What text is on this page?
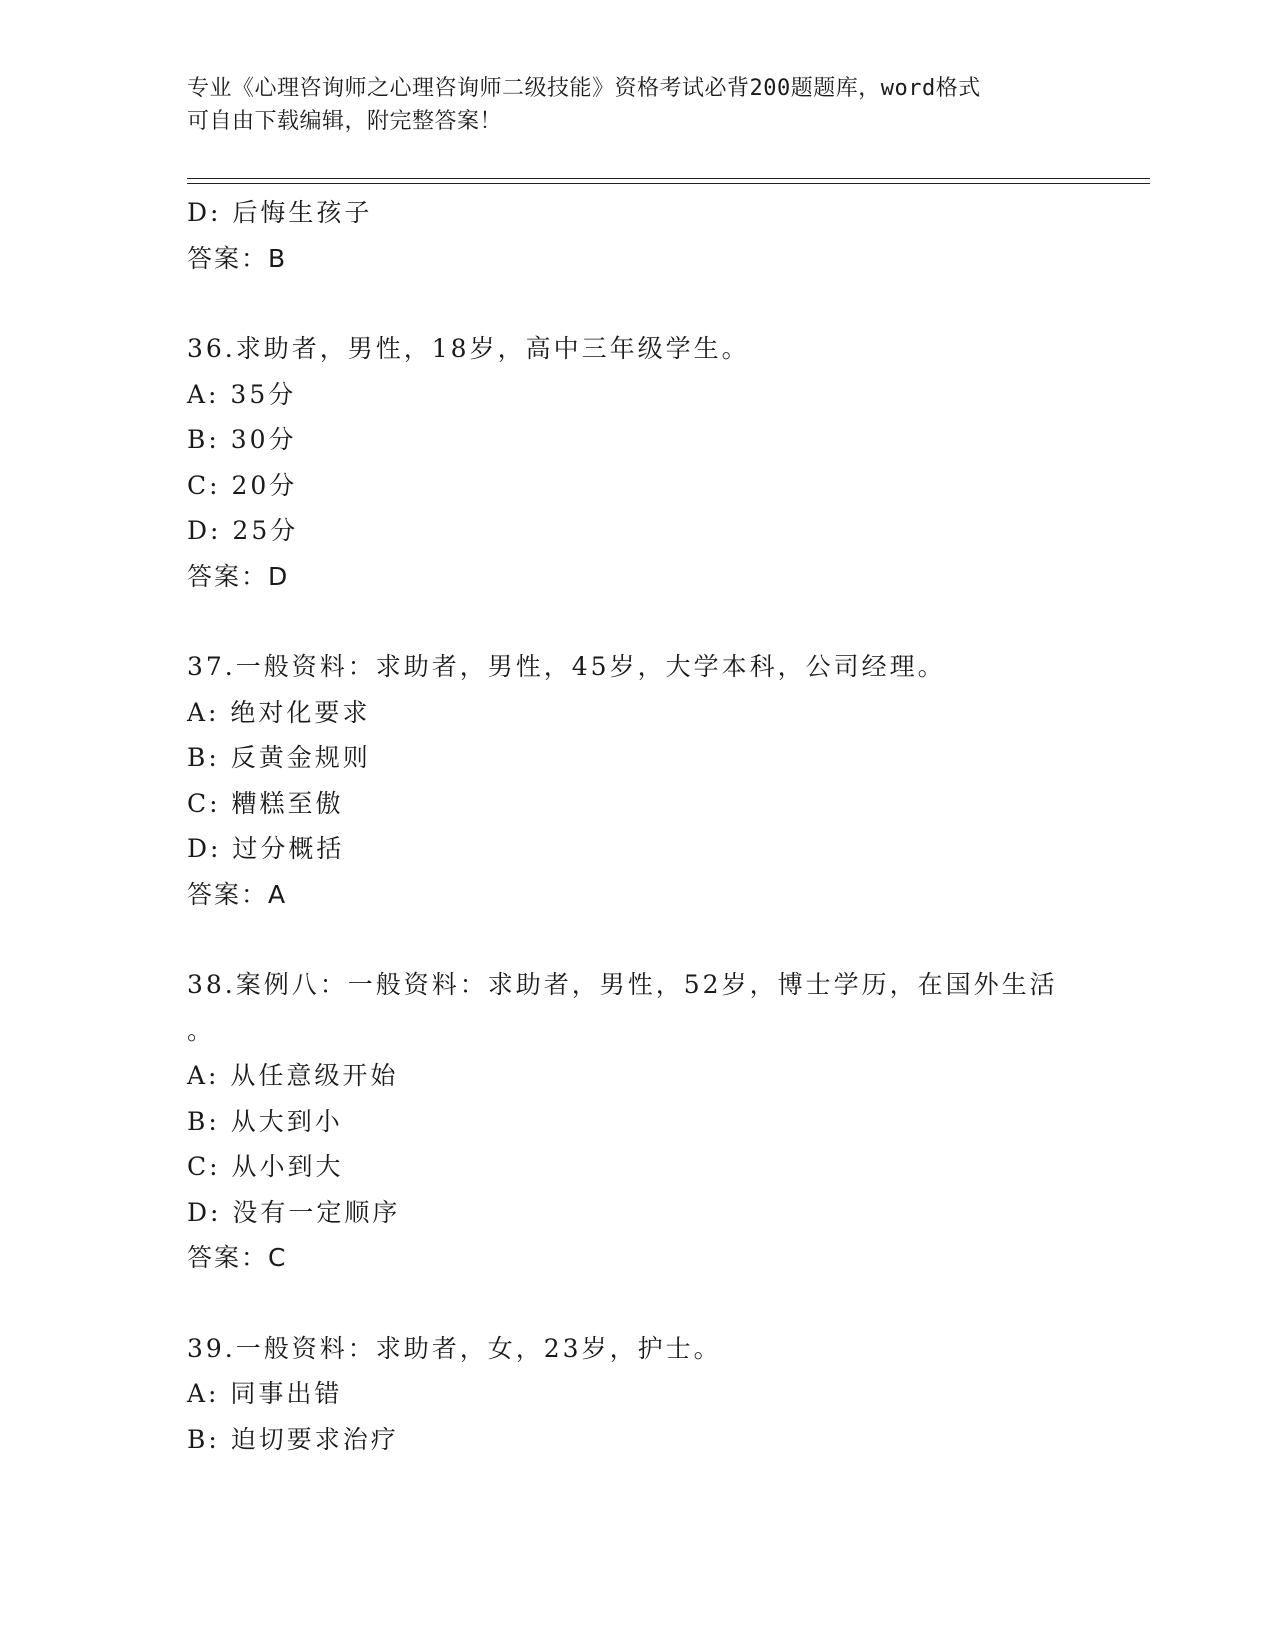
专业《心理咨询师之心理咨询师二级技能》资格考试必背200题题库，word格式
可自由下载编辑，附完整答案！
D: 后悔生孩子
答案：B
36.求助者，男性，18岁，高中三年级学生。
A: 35分
B: 30分
C: 20分
D: 25分
答案：D
37.一般资料：求助者，男性，45岁，大学本科，公司经理。
A: 绝对化要求
B: 反黄金规则
C: 糟糕至傲
D: 过分概括
答案：A
38.案例八：一般资料：求助者，男性，52岁，博士学历，在国外生活
。
A: 从任意级开始
B: 从大到小
C: 从小到大
D: 没有一定顺序
答案：C
39.一般资料：求助者，女，23岁，护士。
A: 同事出错
B: 迫切要求治疗
